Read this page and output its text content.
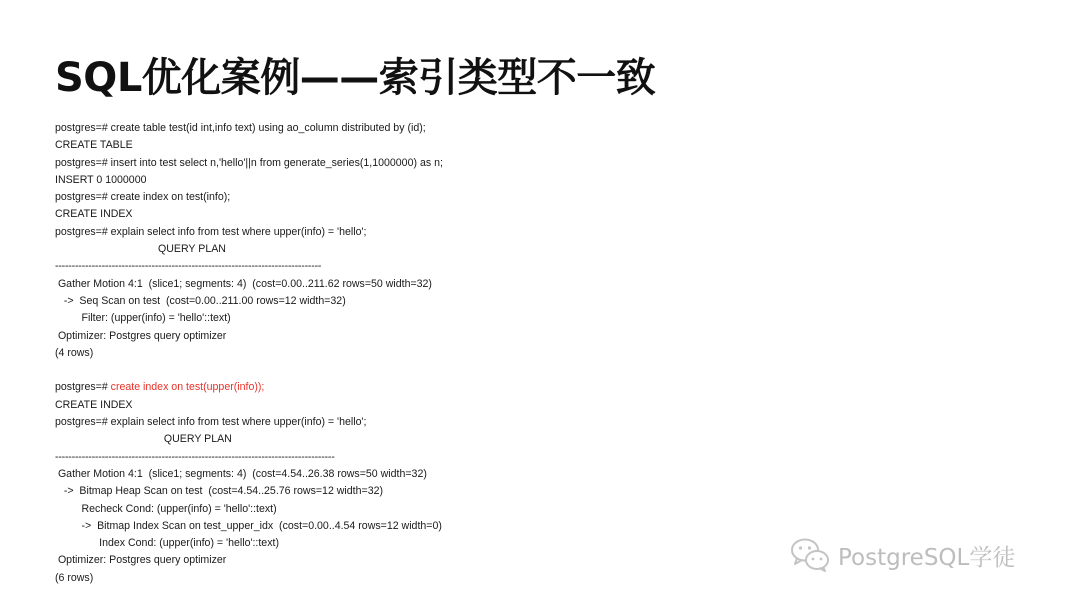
SQL优化案例——索引类型不一致
postgres=# create table test(id int,info text) using ao_column distributed by (id);
CREATE TABLE
postgres=# insert into test select n,'hello'||n from generate_series(1,1000000) as n;
INSERT 0 1000000
postgres=# create index on test(info);
CREATE INDEX
postgres=# explain select info from test where upper(info) = 'hello';
QUERY PLAN
--------------------------------------------------------------------------------
Gather Motion 4:1  (slice1; segments: 4)  (cost=0.00..211.62 rows=50 width=32)
->  Seq Scan on test  (cost=0.00..211.00 rows=12 width=32)
Filter: (upper(info) = 'hello'::text)
Optimizer: Postgres query optimizer
(4 rows)
postgres=# create index on test(upper(info));
CREATE INDEX
postgres=# explain select info from test where upper(info) = 'hello';
QUERY PLAN
------------------------------------------------------------------------------------
Gather Motion 4:1  (slice1; segments: 4)  (cost=4.54..26.38 rows=50 width=32)
->  Bitmap Heap Scan on test  (cost=4.54..25.76 rows=12 width=32)
Recheck Cond: (upper(info) = 'hello'::text)
->  Bitmap Index Scan on test_upper_idx  (cost=0.00..4.54 rows=12 width=0)
Index Cond: (upper(info) = 'hello'::text)
Optimizer: Postgres query optimizer
(6 rows)
PostgreSQL学徒
